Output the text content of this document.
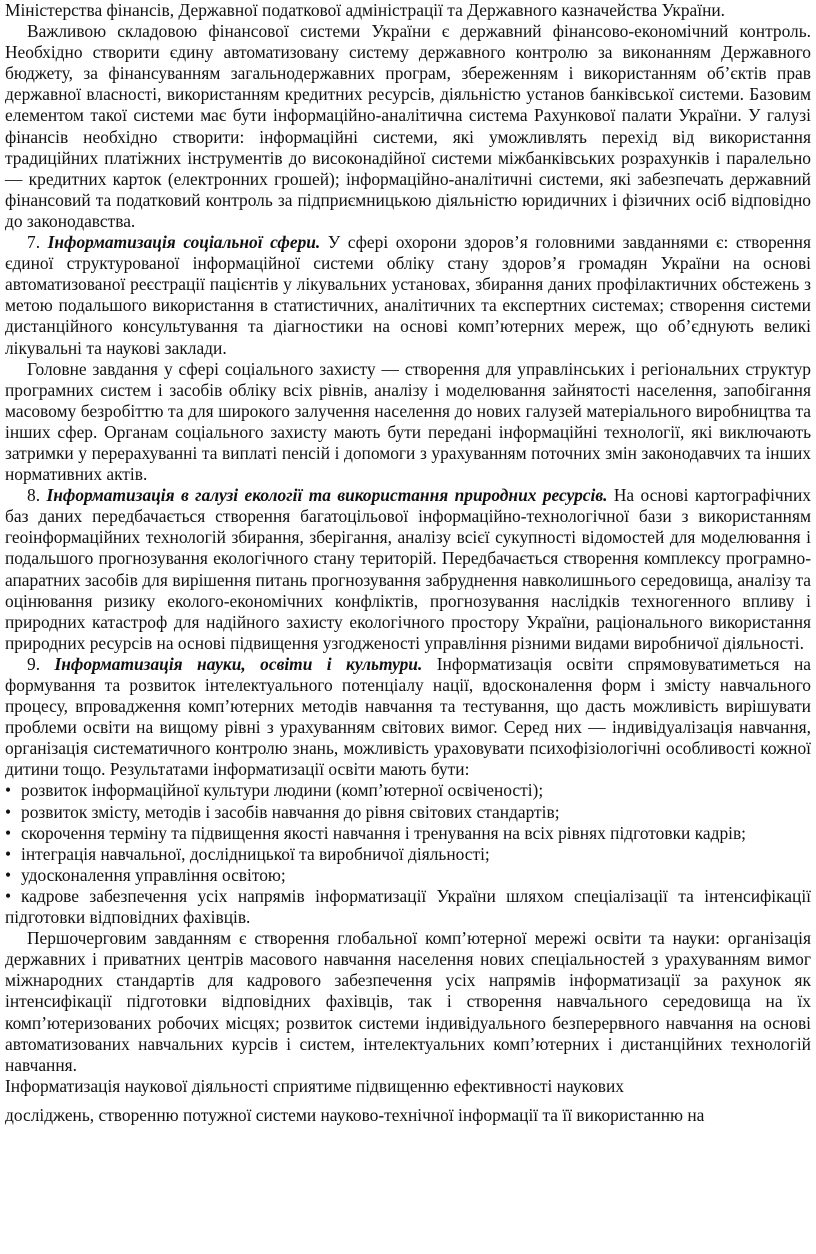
Міністерства фінансів, Державної податкової адміністрації та Державного казначейства України.

Важливою складовою фінансової системи України є державний фінансово-економічний контроль. Необхідно створити єдину автоматизовану систему державного контролю за виконанням Державного бюджету, за фінансуванням загальнодержавних програм, збереженням і використанням об’єктів прав державної власності, використанням кредитних ресурсів, діяльністю установ банківської системи. Базовим елементом такої системи має бути інформаційно-аналітична система Рахункової палати України. У галузі фінансів необхідно створити: інформаційні системи, які уможливлять перехід від використання традиційних платіжних інструментів до високонадійної системи міжбанківських розрахунків і паралельно — кредитних карток (електронних грошей); інформаційно-аналітичні системи, які забезпечать державний фінансовий та податковий контроль за підприємницькою діяльністю юридичних і фізичних осіб відповідно до законодавства.

7. Інформатизація соціальної сфери. У сфері охорони здоров’я головними завданнями є: створення єдиної структурованої інформаційної системи обліку стану здоров’я громадян України на основі автоматизованої реєстрації пацієнтів у лікувальних установах, збирання даних профілактичних обстежень з метою подальшого використання в статистичних, аналітичних та експертних системах; створення системи дистанційного консультування та діагностики на основі комп’ютерних мереж, що об’єднують великі лікувальні та наукові заклади.

Головне завдання у сфері соціального захисту — створення для управлінських і регіональних структур програмних систем і засобів обліку всіх рівнів, аналізу і моделювання зайнятості населення, запобігання масовому безробіттю та для широкого залучення населення до нових галузей матеріального виробництва та інших сфер. Органам соціального захисту мають бути передані інформаційні технології, які виключають затримки у перерахуванні та виплаті пенсій і допомоги з урахуванням поточних змін законодавчих та інших нормативних актів.

8. Інформатизація в галузі екології та використання природних ресурсів. На основі картографічних баз даних передбачається створення багатоцільової інформаційно-технологічної бази з використанням геоінформаційних технологій збирання, зберігання, аналізу всієї сукупності відомостей для моделювання і подальшого прогнозування екологічного стану територій. Передбачається створення комплексу програмно-апаратних засобів для вирішення питань прогнозування забруднення навколишнього середовища, аналізу та оцінювання ризику еколого-економічних конфліктів, прогнозування наслідків техногенного впливу і природних катастроф для надійного захисту екологічного простору України, раціонального використання природних ресурсів на основі підвищення узгодженості управління різними видами виробничої діяльності.

9. Інформатизація науки, освіти і культури. Інформатизація освіти спрямовуватиметься на формування та розвиток інтелектуального потенціалу нації, вдосконалення форм і змісту навчального процесу, впровадження комп’ютерних методів навчання та тестування, що дасть можливість вирішувати проблеми освіти на вищому рівні з урахуванням світових вимог. Серед них — індивідуалізація навчання, організація систематичного контролю знань, можливість ураховувати психофізіологічні особливості кожної дитини тощо. Результатами інформатизації освіти мають бути:

• розвиток інформаційної культури людини (комп’ютерної освіченості);

• розвиток змісту, методів і засобів навчання до рівня світових стандартів;

• скорочення терміну та підвищення якості навчання і тренування на всіх рівнях підготовки кадрів;

• інтеграція навчальної, дослідницької та виробничої діяльності;

• удосконалення управління освітою;

• кадрове забезпечення усіх напрямів інформатизації України шляхом спеціалізації та інтенсифікації підготовки відповідних фахівців.

Першочерговим завданням є створення глобальної комп’ютерної мережі освіти та науки: організація державних і приватних центрів масового навчання населення нових спеціальностей з урахуванням вимог міжнародних стандартів для кадрового забезпечення усіх напрямів інформатизації за рахунок як інтенсифікації підготовки відповідних фахівців, так і створення навчального середовища на їх комп’ютеризованих робочих місцях; розвиток системи індивідуального безперервного навчання на основі автоматизованих навчальних курсів і систем, інтелектуальних комп’ютерних і дистанційних технологій навчання.

Інформатизація наукової діяльності сприятиме підвищенню ефективності наукових

досліджень, створенню потужної системи науково-технічної інформації та її використанню на
